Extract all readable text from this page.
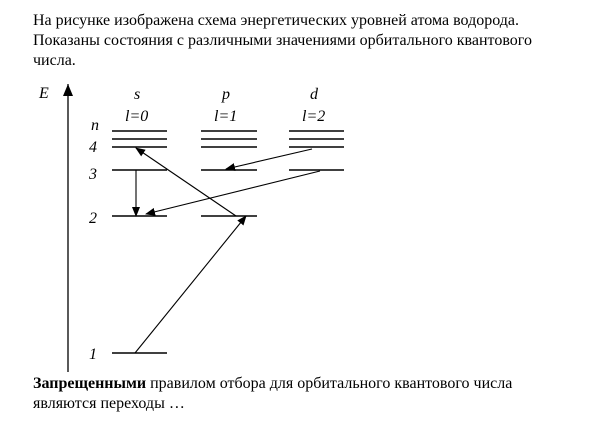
На рисунке изображена схема энергетических уровней атома водорода. Показаны состояния с различными значениями орбитального квантового числа.

E
n
1
2
3
4
s
l=0
p
l=1
d
l=2

Запрещенными правилом отбора для орбитального квантового числа являются переходы …
